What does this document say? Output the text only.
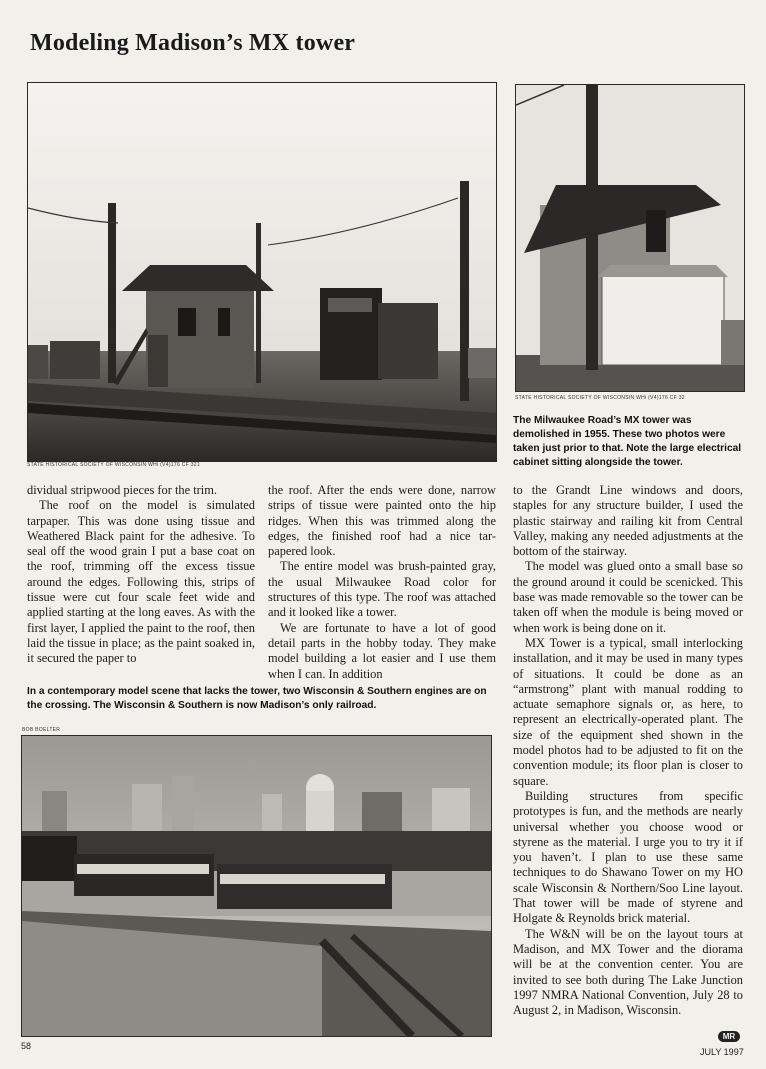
Modeling Madison’s MX tower
STATE HISTORICAL SOCIETY OF WISCONSIN WHi (V4)176 CF 321
STATE HISTORICAL SOCIETY OF WISCONSIN WHi (V4)176 CF 32

The Milwaukee Road’s MX tower was demolished in 1955. These two photos were taken just prior to that. Note the large electrical cabinet sitting alongside the tower.

dividual stripwood pieces for the trim.

The roof on the model is simulated tarpaper. This was done using tissue and Weathered Black paint for the adhesive. To seal off the wood grain I put a base coat on the roof, trimming off the excess tissue around the edges. Following this, strips of tissue were cut four scale feet wide and applied starting at the long eaves. As with the first layer, I applied the paint to the roof, then laid the tissue in place; as the paint soaked in, it secured the paper to

the roof. After the ends were done, narrow strips of tissue were painted onto the hip ridges. When this was trimmed along the edges, the finished roof had a nice tar-papered look.

The entire model was brush-painted gray, the usual Milwaukee Road color for structures of this type. The roof was attached and it looked like a tower.

We are fortunate to have a lot of good detail parts in the hobby today. They make model building a lot easier and I use them when I can. In addition

to the Grandt Line windows and doors, staples for any structure builder, I used the plastic stairway and railing kit from Central Valley, making any needed adjustments at the bottom of the stairway.

The model was glued onto a small base so the ground around it could be scenicked. This base was made removable so the tower can be taken off when the module is being moved or when work is being done on it.

MX Tower is a typical, small interlocking installation, and it may be used in many types of situations. It could be done as an “armstrong” plant with manual rodding to actuate semaphore signals or, as here, to represent an electrically-operated plant. The size of the equipment shed shown in the model photos had to be adjusted to fit on the convention module; its floor plan is closer to square.

Building structures from specific prototypes is fun, and the methods are nearly universal whether you choose wood or styrene as the material. I urge you to try it if you haven’t. I plan to use these same techniques to do Shawano Tower on my HO scale Wisconsin & Northern/Soo Line layout. That tower will be made of styrene and Holgate & Reynolds brick material.

The W&N will be on the layout tours at Madison, and MX Tower and the diorama will be at the convention center. You are invited to see both during The Lake Junction 1997 NMRA National Convention, July 28 to August 2, in Madison, Wisconsin.

In a contemporary model scene that lacks the tower, two Wisconsin & Southern engines are on the crossing. The Wisconsin & Southern is now Madison’s only railroad.

BOB BOELTER
58
MR
JULY 1997
